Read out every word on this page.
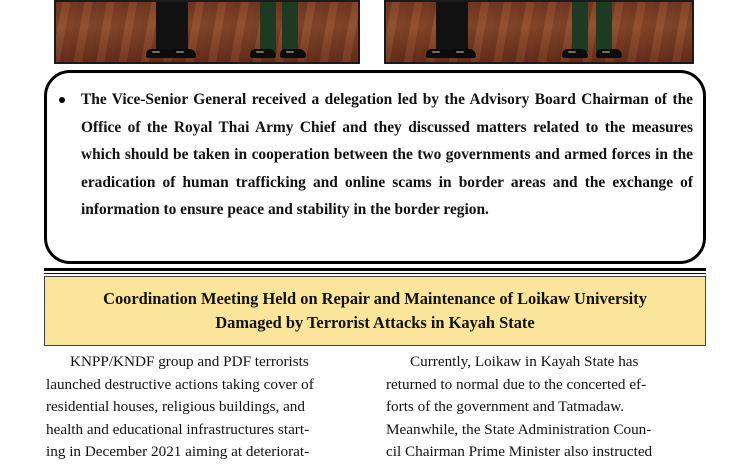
The Vice-Senior General received a delegation led by the Advisory Board Chairman of the Office of the Royal Thai Army Chief and they discussed matters related to the measures which should be taken in cooperation between the two governments and armed forces in the eradication of human trafficking and online scams in border areas and the exchange of information to ensure peace and stability in the border region.
Coordination Meeting Held on Repair and Maintenance of Loikaw University
Damaged by Terrorist Attacks in Kayah State
KNPP/KNDF group and PDF terrorists
launched destructive actions taking cover of
residential houses, religious buildings, and
health and educational infrastructures start-
ing in December 2021 aiming at deteriorat-
Currently, Loikaw in Kayah State has
returned to normal due to the concerted ef-
forts of the government and Tatmadaw.
Meanwhile, the State Administration Coun-
cil Chairman Prime Minister also instructed
